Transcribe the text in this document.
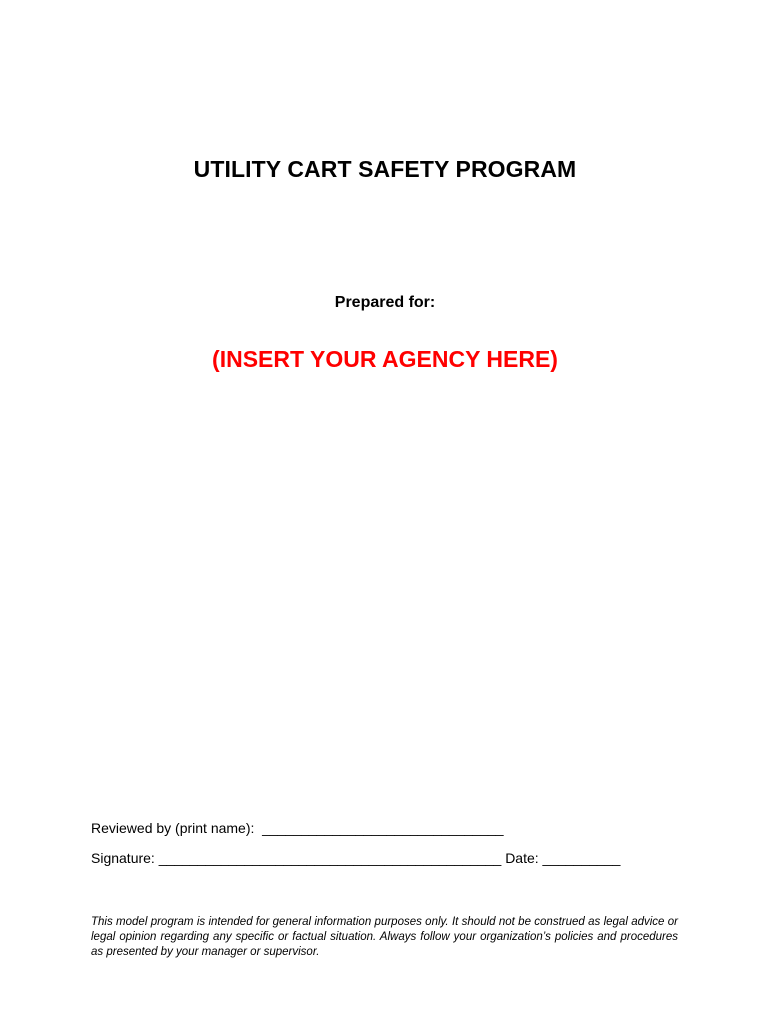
UTILITY CART SAFETY PROGRAM
Prepared for:
(INSERT YOUR AGENCY HERE)
Reviewed by (print name):  _______________________________
Signature: ____________________________________________ Date: __________
This model program is intended for general information purposes only. It should not be construed as legal advice or legal opinion regarding any specific or factual situation. Always follow your organization’s policies and procedures as presented by your manager or supervisor.
